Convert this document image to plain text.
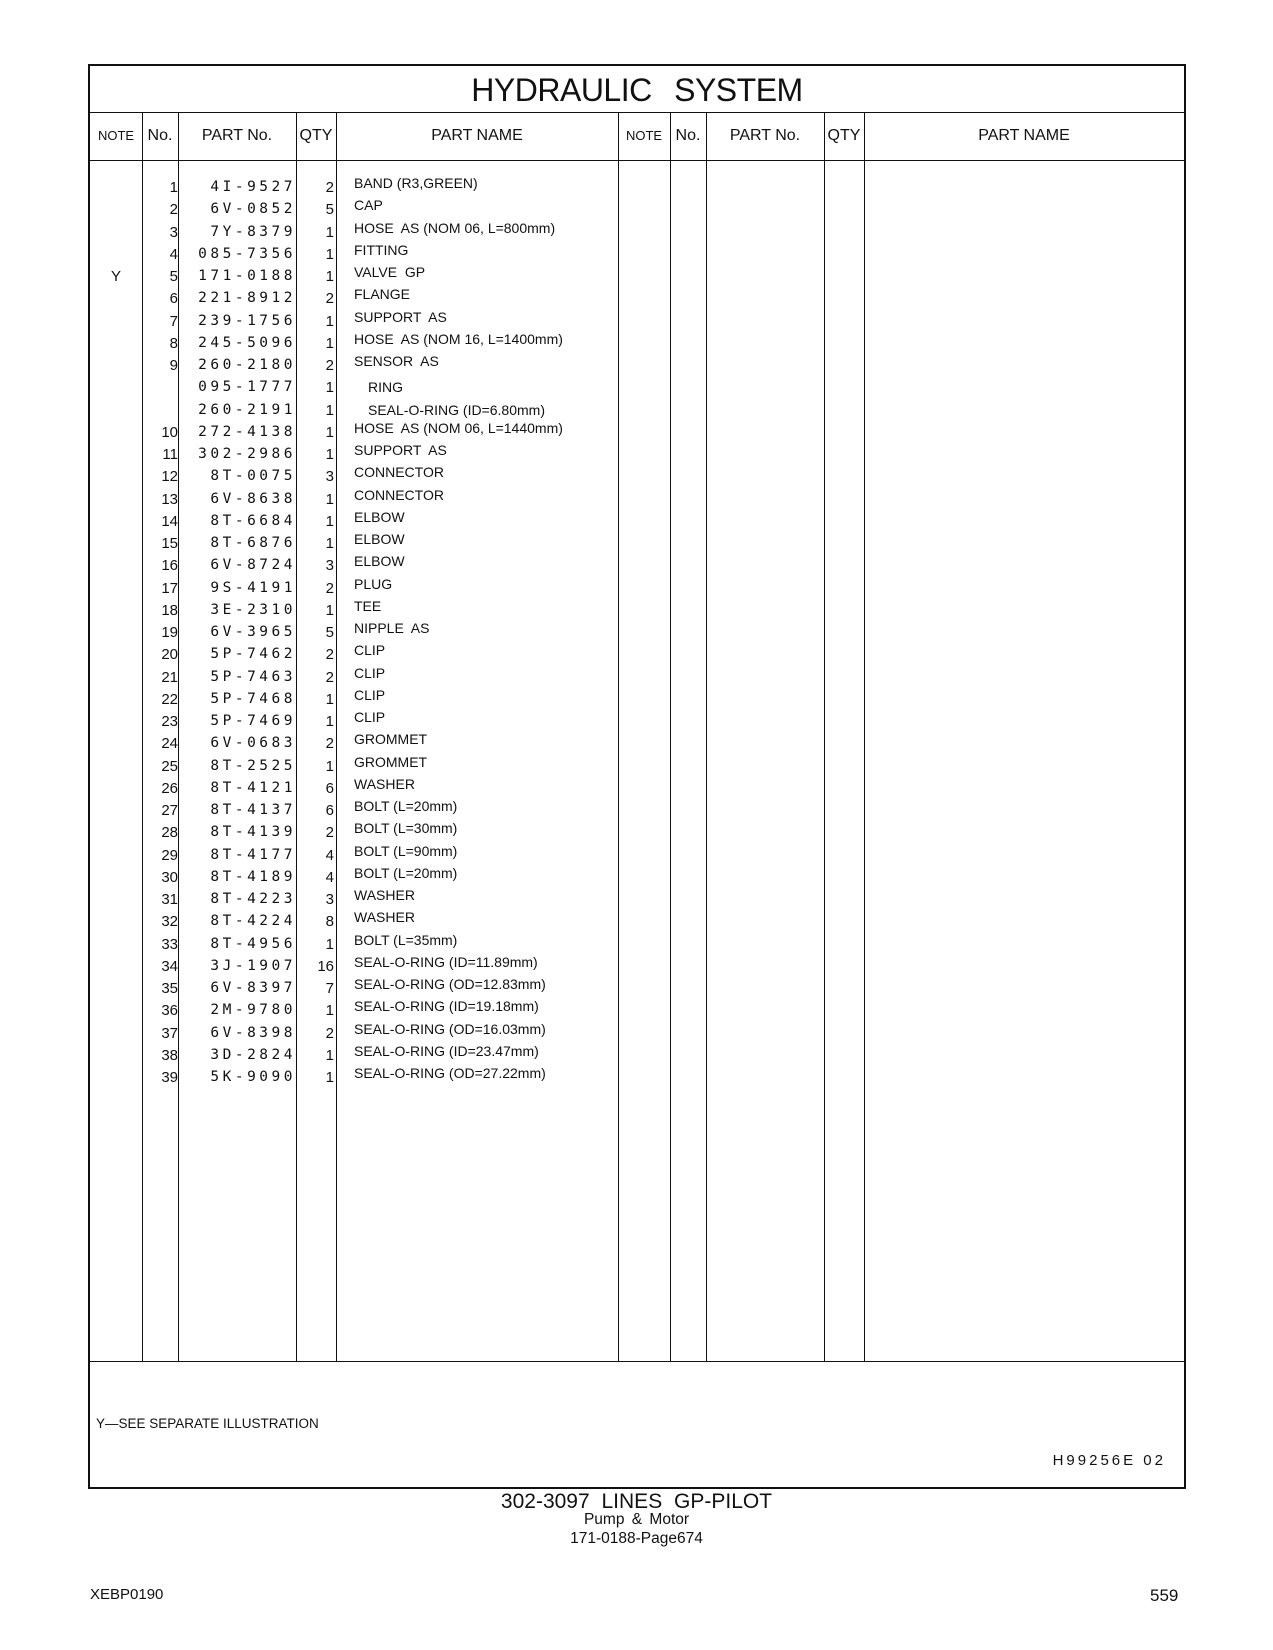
HYDRAULIC SYSTEM
NOTE No.	PART No.	QTY	PART NAME	NOTE No.	PART No.	QTY	PART NAME
1	4I-9527	2 BAND (R3,GREEN)
2	6V-0852	5 CAP
3	7Y-8379	1 HOSE  AS (NOM 06, L=800mm)
4	085-7356	1 FITTING
Y	5	171-0188	1 VALVE  GP
6	221-8912	2 FLANGE
7	239-1756	1 SUPPORT  AS
8	245-5096	1 HOSE  AS (NOM 16, L=1400mm)
9	260-2180	2 SENSOR  AS
095-1777	1 RING
260-2191	1 SEAL-O-RING (ID=6.80mm)
10	272-4138	1 HOSE  AS (NOM 06, L=1440mm)
11	302-2986	1 SUPPORT  AS
12	8T-0075	3 CONNECTOR
13	6V-8638	1 CONNECTOR
14	8T-6684	1 ELBOW
15	8T-6876	1 ELBOW
16	6V-8724	3 ELBOW
17	9S-4191	2 PLUG
18	3E-2310	1 TEE
19	6V-3965	5 NIPPLE  AS
20	5P-7462	2 CLIP
21	5P-7463	2 CLIP
22	5P-7468	1 CLIP
23	5P-7469	1 CLIP
24	6V-0683	2 GROMMET
25	8T-2525	1 GROMMET
26	8T-4121	6 WASHER
27	8T-4137	6 BOLT (L=20mm)
28	8T-4139	2 BOLT (L=30mm)
29	8T-4177	4 BOLT (L=90mm)
30	8T-4189	4 BOLT (L=20mm)
31	8T-4223	3 WASHER
32	8T-4224	8 WASHER
33	8T-4956	1 BOLT (L=35mm)
34	3J-1907	16 SEAL-O-RING (ID=11.89mm)
35	6V-8397	7 SEAL-O-RING (OD=12.83mm)
36	2M-9780	1 SEAL-O-RING (ID=19.18mm)
37	6V-8398	2 SEAL-O-RING (OD=16.03mm)
38	3D-2824	1 SEAL-O-RING (ID=23.47mm)
39	5K-9090	1 SEAL-O-RING (OD=27.22mm)
Y—SEE SEPARATE ILLUSTRATION
H99256E 02
302-3097 LINES GP-PILOT
Pump & Motor
171-0188-Page674
XEBP0190	559
